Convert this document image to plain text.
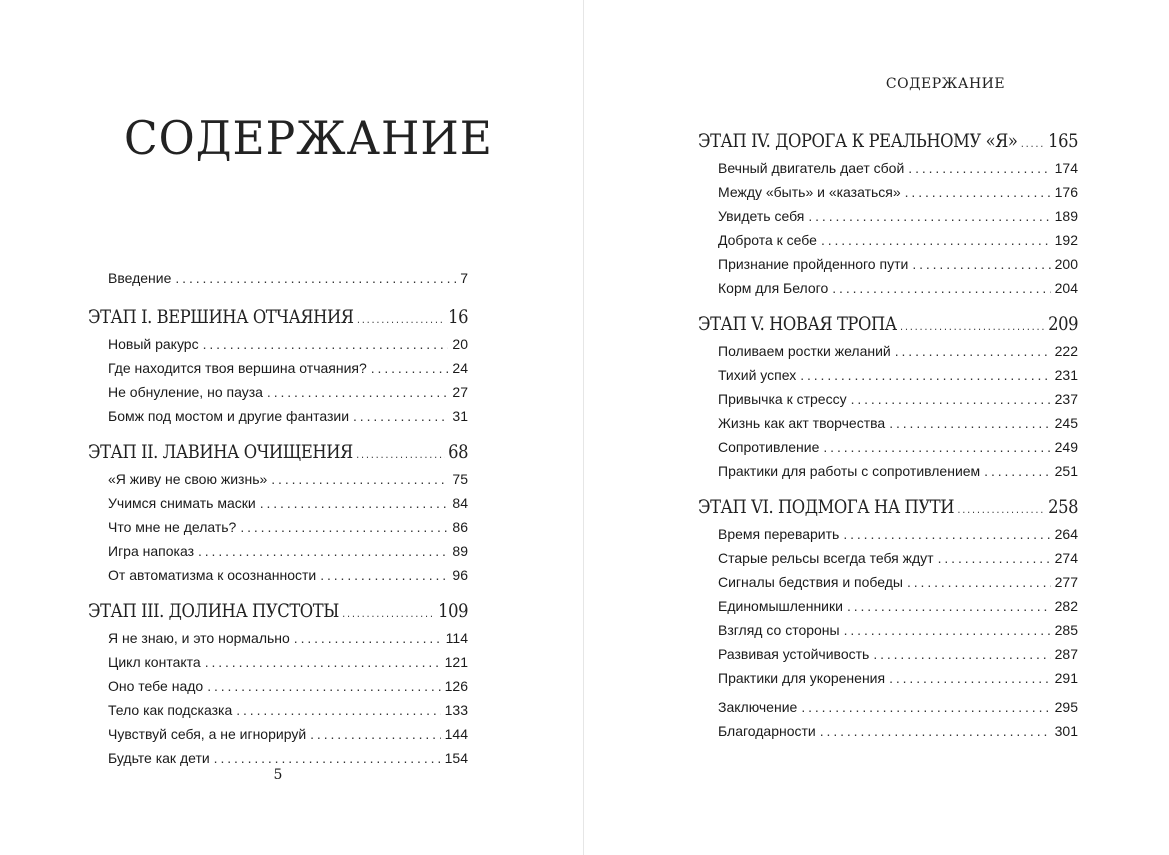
СОДЕРЖАНИЕ
5
СОДЕРЖАНИЕ
Введение . . .	7
ЭТАП I. ВЕРШИНА ОТЧАЯНИЯ . . .	16
Новый ракурс . . .	20
Где находится твоя вершина отчаяния? . . .	24
Не обнуление, но пауза . . .	27
Бомж под мостом и другие фантазии . . .	31
ЭТАП II. ЛАВИНА ОЧИЩЕНИЯ . . .	68
«Я живу не свою жизнь» . . .	75
Учимся снимать маски . . .	84
Что мне не делать? . . .	86
Игра напоказ . . .	89
От автоматизма к осознанности . . .	96
ЭТАП III. ДОЛИНА ПУСТОТЫ . . .	109
Я не знаю, и это нормально . . .	114
Цикл контакта . . .	121
Оно тебе надо . . .	126
Тело как подсказка . . .	133
Чувствуй себя, а не игнорируй . . .	144
Будьте как дети . . .	154
ЭТАП IV. ДОРОГА К РЕАЛЬНОМУ «Я» . . . 165
Вечный двигатель дает сбой . . .	174
Между «быть» и «казаться» . . .	176
Увидеть себя . . .	189
Доброта к себе . . .	192
Признание пройденного пути . . .	200
Корм для Белого . . .	204
ЭТАП V. НОВАЯ ТРОПА . . .	209
Поливаем ростки желаний . . .	222
Тихий успех . . .	231
Привычка к стрессу . . .	237
Жизнь как акт творчества . . .	245
Сопротивление . . .	249
Практики для работы с сопротивлением . . .	251
ЭТАП VI. ПОДМОГА НА ПУТИ . . .	258
Время переварить . . .	264
Старые рельсы всегда тебя ждут . . .	274
Сигналы бедствия и победы . . .	277
Единомышленники . . .	282
Взгляд со стороны . . .	285
Развивая устойчивость . . .	287
Практики для укоренения . . .	291
Заключение . . .	295
Благодарности . . .	301
